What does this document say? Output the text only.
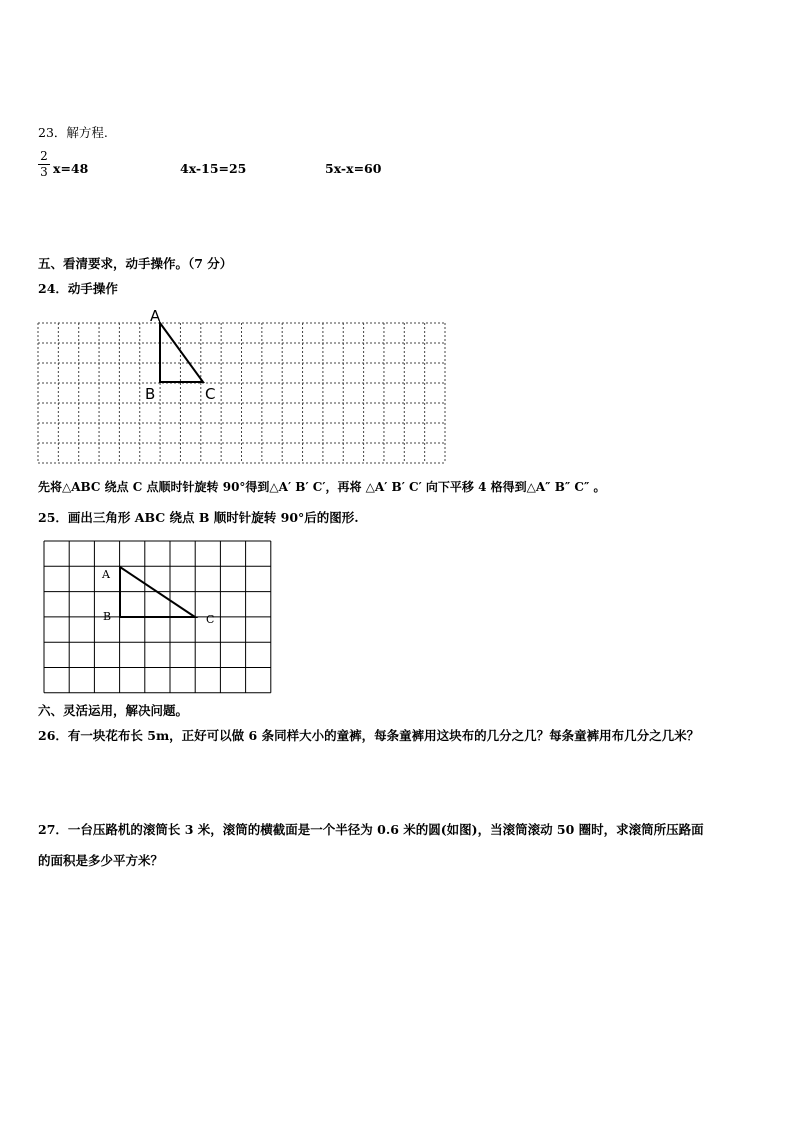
23．解方程.
2
3 x=48	4x-15=25	5x-x=60
五、看清要求，动手操作。（7 分）
24．动手操作
A
B	C
先将△ABC 绕点 C 点顺时针旋转 90°得到△A′ B′ C′，再将 △A′ B′ C′ 向下平移 4 格得到△A″ B″ C″ 。
25．画出三角形 ABC 绕点 B 顺时针旋转 90°后的图形.
A
B	C
六、灵活运用，解决问题。
26．有一块花布长 5m，正好可以做 6 条同样大小的童裤，每条童裤用这块布的几分之几？每条童裤用布几分之几米？
27．一台压路机的滚筒长 3 米，滚筒的横截面是一个半径为 0.6 米的圆(如图)，当滚筒滚动 50 圈时，求滚筒所压路面
的面积是多少平方米？
